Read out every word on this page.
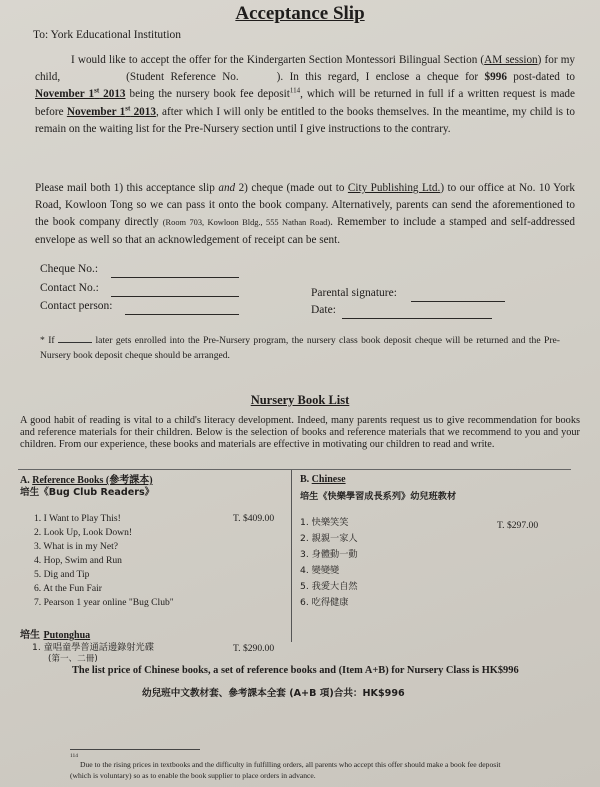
Acceptance Slip
To: York Educational Institution
I would like to accept the offer for the Kindergarten Section Montessori Bilingual Section (AM session) for my child,	(Student Reference No.	). In this regard, I enclose a cheque for $996 post-dated to November 1st 2013 being the nursery book fee deposit$^{114}$, which will be returned in full if a written request is made before November 1st 2013, after which I will only be entitled to the books themselves. In the meantime, my child is to remain on the waiting list for the Pre-Nursery section until I give instructions to the contrary.
Please mail both 1) this acceptance slip and 2) cheque (made out to City Publishing Ltd.) to our office at No. 10 York Road, Kowloon Tong so we can pass it onto the book company. Alternatively, parents can send the aforementioned to the book company directly (Room 703, Kowloon Bldg., 555 Nathan Road). Remember to include a stamped and self-addressed envelope as well so that an acknowledgement of receipt can be sent.
Cheque No.:
Contact No.:
Contact person:
Parental signature:
Date:
* If	later gets enrolled into the Pre-Nursery program, the nursery class book deposit cheque will be returned and the Pre-Nursery book deposit cheque should be arranged.
Nursery Book List
A good habit of reading is vital to a child's literacy development. Indeed, many parents request us to give recommendation for books and reference materials for their children. Below is the selection of books and reference materials that we recommend to you and your children. From our experience, these books and materials are effective in motivating our children to read and write.
A. Reference Books (參考課本)
培生《Bug Club Readers》
1. I Want to Play This!
2. Look Up, Look Down!
3. What is in my Net?
4. Hop, Swim and Run
5. Dig and Tip
6. At the Fun Fair
7. Pearson 1 year online "Bug Club"
T. $409.00
B. Chinese
培生《快樂學習成長系列》幼兒班教材
1. 快樂笑笑
2. 親親一家人
3. 身體動一動
4. 變變變
5. 我愛大自然
6. 吃得健康
T. $297.00
培生 Putonghua
1. 童唱童學普通話邊錄射光碟
(第一、二冊)
T. $290.00
The list price of Chinese books, a set of reference books and (Item A+B) for Nursery Class is HK$996
幼兒班中文教材套、參考課本全套 (A+B 項)合共：HK$996
114
Due to the rising prices in textbooks and the difficulty in fulfilling orders, all parents who accept this offer should make a book fee deposit
(which is voluntary) so as to enable the book supplier to place orders in advance.
